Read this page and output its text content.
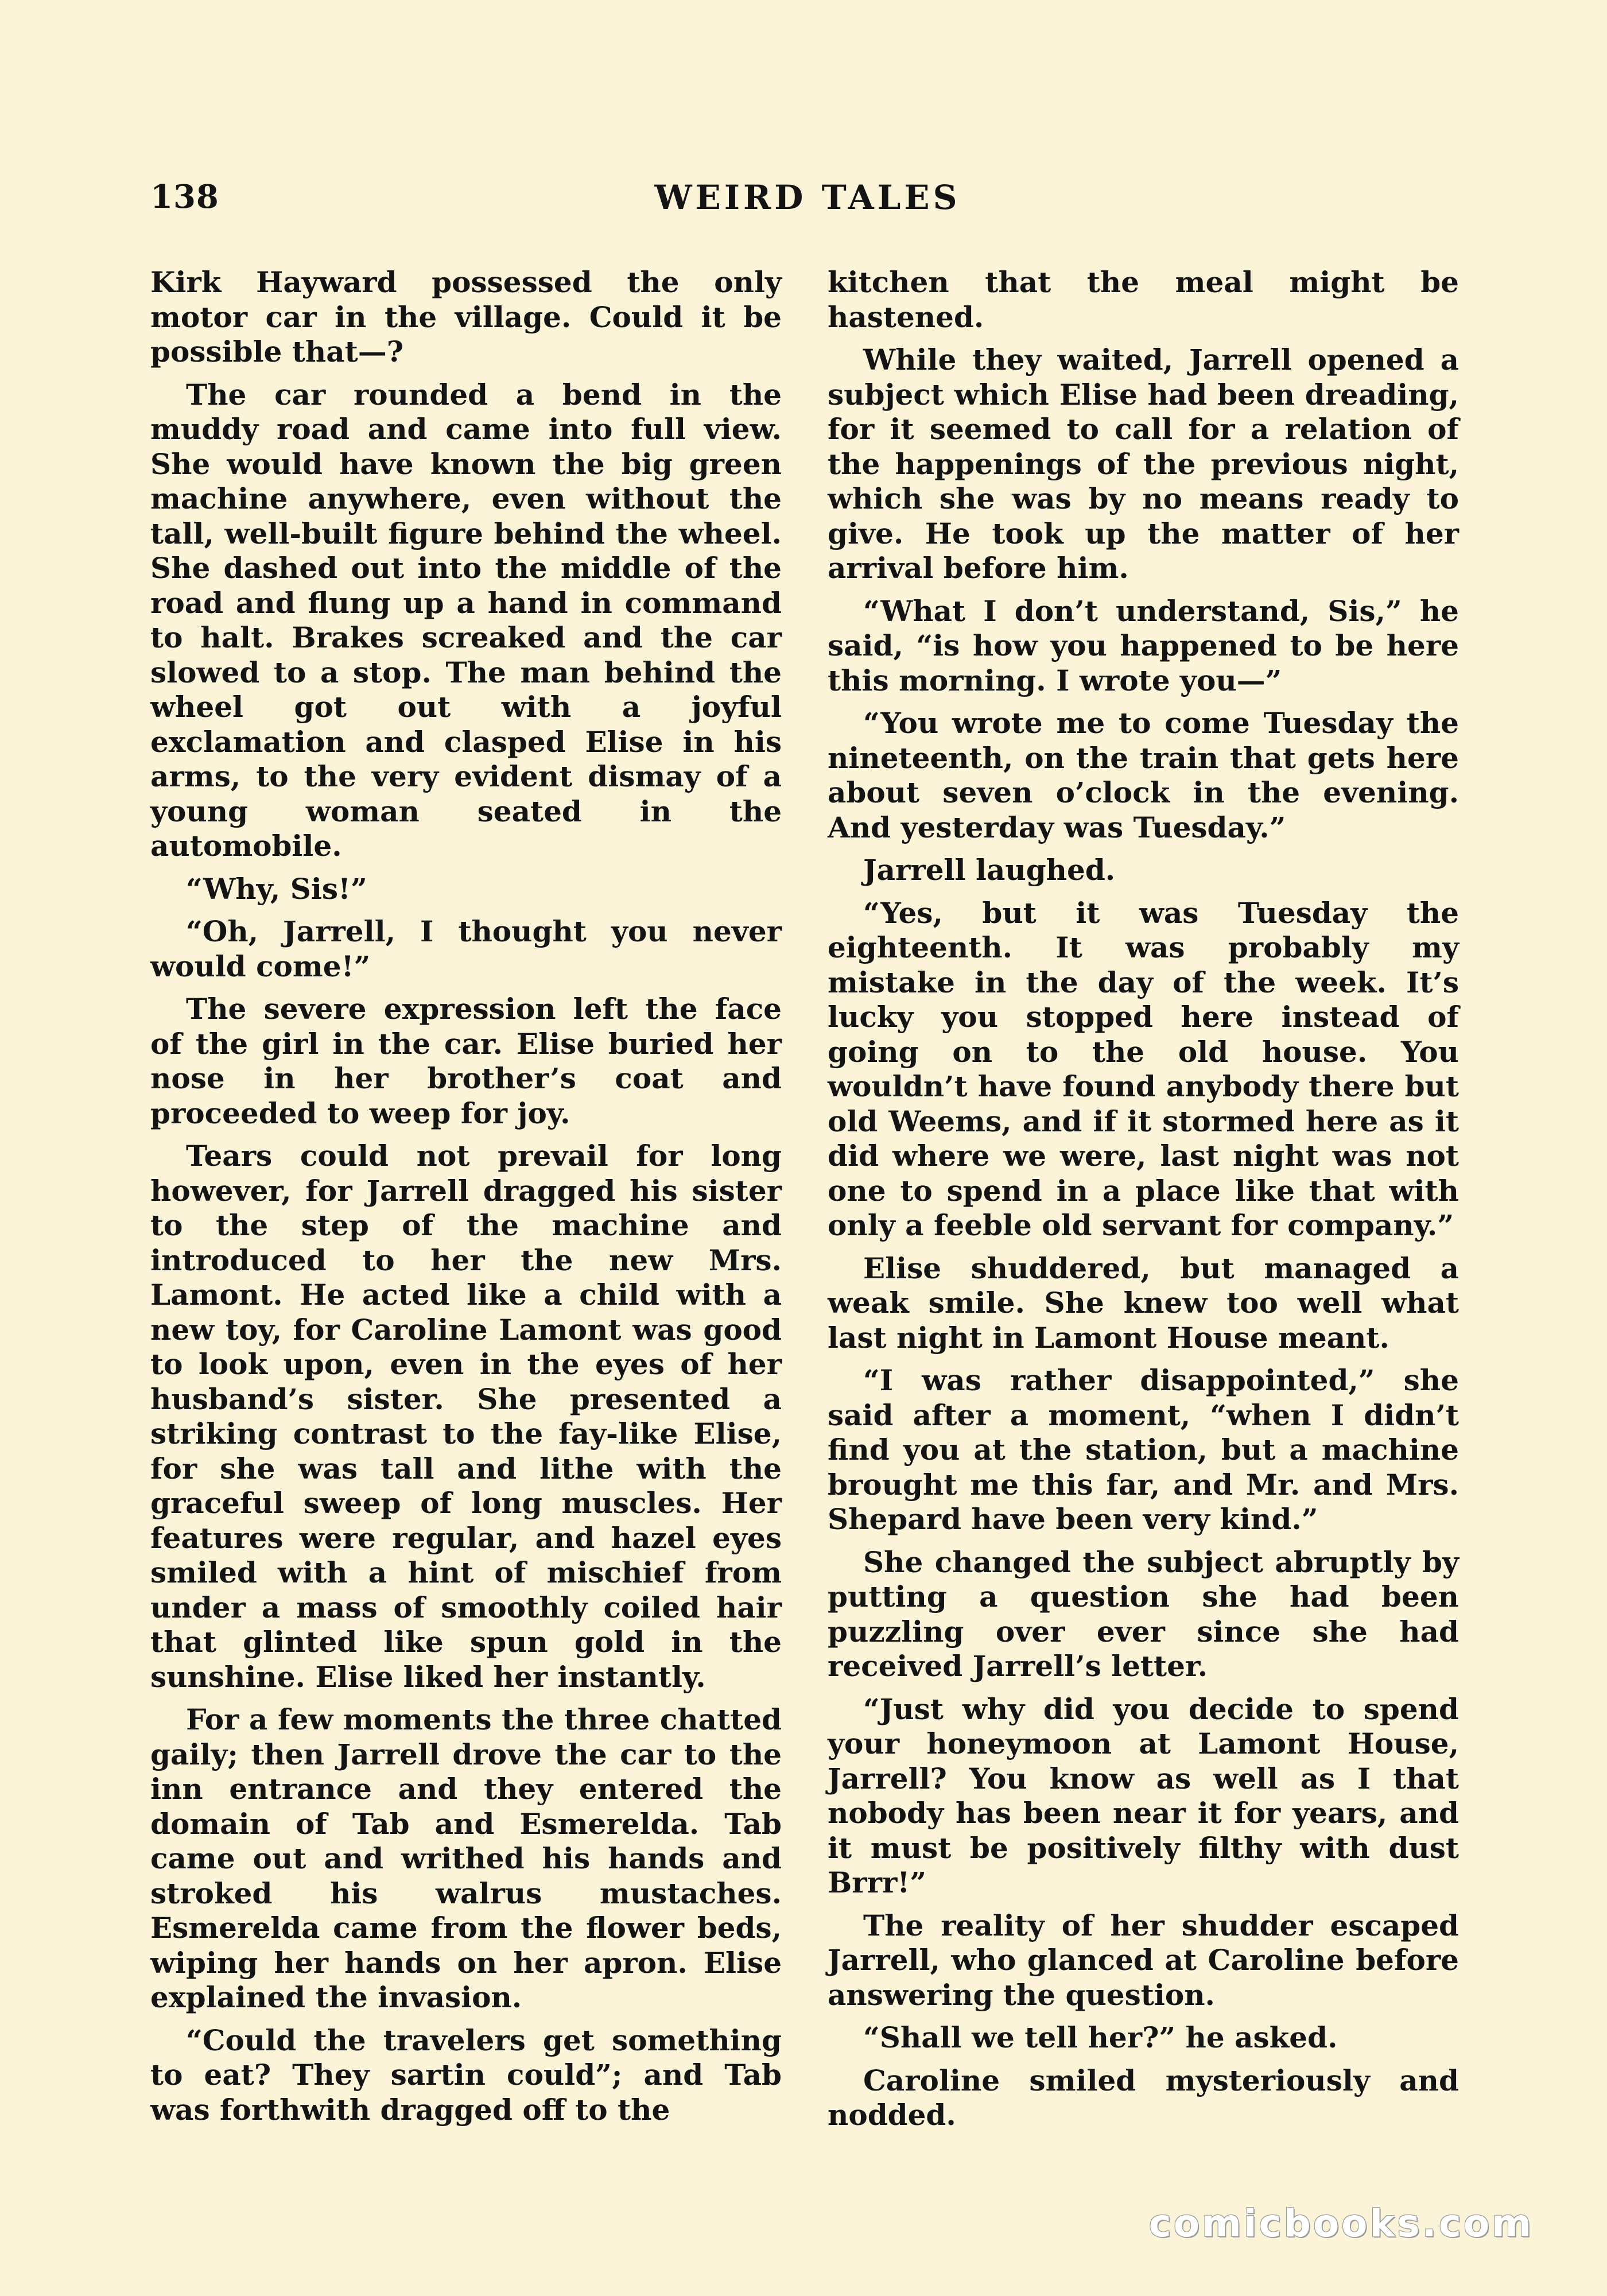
138	WEIRD TALES

Kirk Hayward possessed the only motor car in the village. Could it be possible that—?

The car rounded a bend in the muddy road and came into full view. She would have known the big green machine anywhere, even without the tall, well-built figure behind the wheel. She dashed out into the middle of the road and flung up a hand in command to halt. Brakes screaked and the car slowed to a stop. The man behind the wheel got out with a joyful exclamation and clasped Elise in his arms, to the very evident dismay of a young woman seated in the automobile.

“Why, Sis!”

“Oh, Jarrell, I thought you never would come!”

The severe expression left the face of the girl in the car. Elise buried her nose in her brother’s coat and proceeded to weep for joy.

Tears could not prevail for long however, for Jarrell dragged his sister to the step of the machine and introduced to her the new Mrs. Lamont. He acted like a child with a new toy, for Caroline Lamont was good to look upon, even in the eyes of her husband’s sister. She presented a striking contrast to the fay-like Elise, for she was tall and lithe with the graceful sweep of long muscles. Her features were regular, and hazel eyes smiled with a hint of mischief from under a mass of smoothly coiled hair that glinted like spun gold in the sunshine. Elise liked her instantly.

For a few moments the three chatted gaily; then Jarrell drove the car to the inn entrance and they entered the domain of Tab and Esmerelda. Tab came out and writhed his hands and stroked his walrus mustaches. Esmerelda came from the flower beds, wiping her hands on her apron. Elise explained the invasion.

“Could the travelers get something to eat? They sartin could”; and Tab was forthwith dragged off to the

kitchen that the meal might be hastened.

While they waited, Jarrell opened a subject which Elise had been dreading, for it seemed to call for a relation of the happenings of the previous night, which she was by no means ready to give. He took up the matter of her arrival before him.

“What I don’t understand, Sis,” he said, “is how you happened to be here this morning. I wrote you—”

“You wrote me to come Tuesday the nineteenth, on the train that gets here about seven o’clock in the evening. And yesterday was Tuesday.”

Jarrell laughed.

“Yes, but it was Tuesday the eighteenth. It was probably my mistake in the day of the week. It’s lucky you stopped here instead of going on to the old house. You wouldn’t have found anybody there but old Weems, and if it stormed here as it did where we were, last night was not one to spend in a place like that with only a feeble old servant for company.”

Elise shuddered, but managed a weak smile. She knew too well what last night in Lamont House meant.

“I was rather disappointed,” she said after a moment, “when I didn’t find you at the station, but a machine brought me this far, and Mr. and Mrs. Shepard have been very kind.”

She changed the subject abruptly by putting a question she had been puzzling over ever since she had received Jarrell’s letter.

“Just why did you decide to spend your honeymoon at Lamont House, Jarrell? You know as well as I that nobody has been near it for years, and it must be positively filthy with dust Brrr!”

The reality of her shudder escaped Jarrell, who glanced at Caroline before answering the question.

“Shall we tell her?” he asked.

Caroline smiled mysteriously and nodded.

comicbooks.com
